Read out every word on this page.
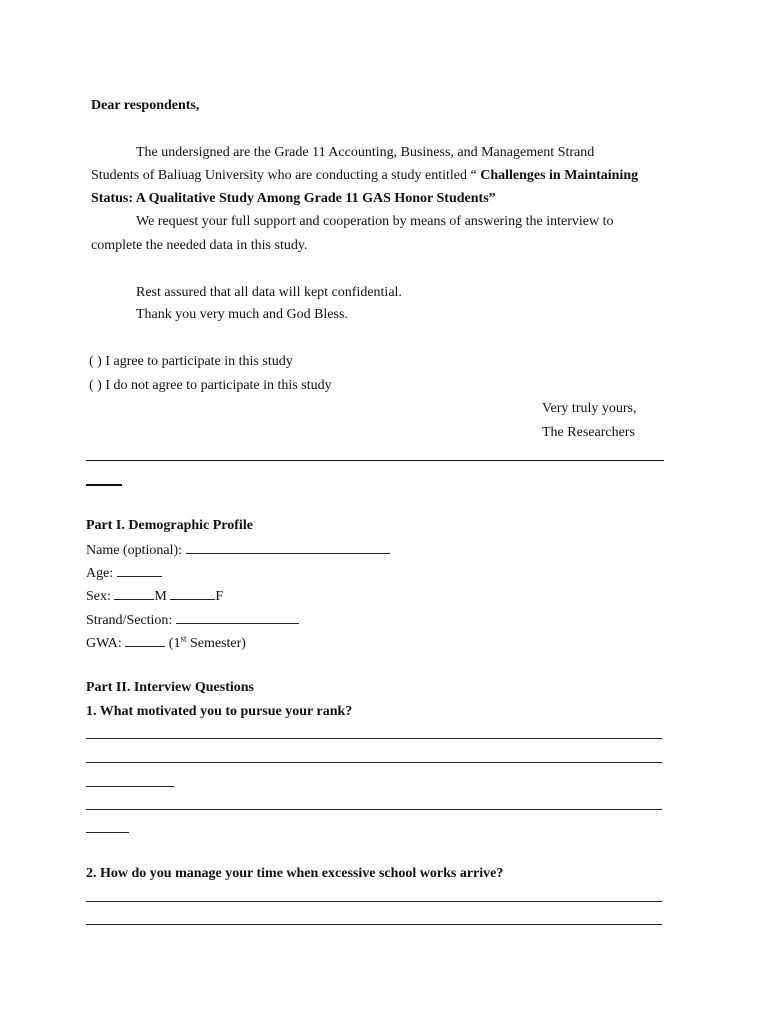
Dear respondents,
The undersigned are the Grade 11 Accounting, Business, and Management Strand
Students of Baliuag University who are conducting a study entitled “ Challenges in Maintaining
Status: A Qualitative Study Among Grade 11 GAS Honor Students”
We request your full support and cooperation by means of answering the interview to
complete the needed data in this study.
Rest assured that all data will kept confidential.
Thank you very much and God Bless.
( ) I agree to participate in this study
( ) I do not agree to participate in this study
Very truly yours,
The Researchers
Part I. Demographic Profile
Name (optional):
Age:
Sex:	M	F
Strand/Section:
GWA:	(1st Semester)
Part II. Interview Questions
1. What motivated you to pursue your rank?
2. How do you manage your time when excessive school works arrive?
